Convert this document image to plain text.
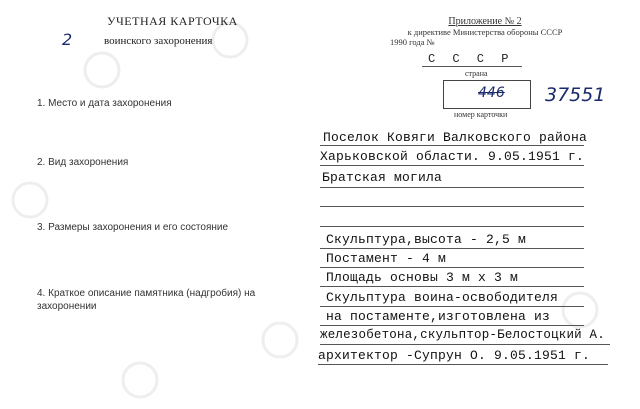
УЧЕТНАЯ КАРТОЧКА
воинского захоронения
2
Приложение № 2
к директиве Министерства обороны СССР
1990 года №
С С С Р
страна
446 37551
номер карточки
1. Место и дата захоронения
2. Вид захоронения
3. Размеры захоронения и его состояние
4. Краткое описание памятника (надгробия) на захоронении
Поселок Ковяги Валковского района
Харьковской области. 9.05.1951 г.
Братская могила
Скульптура,высота - 2,5 м
Постамент - 4 м
Площадь основы 3 м х 3 м
Скульптура воина-освободителя
на постаменте,изготовлена из
железобетона,скульптор-Белостоцкий А.
архитектор -Супрун О. 9.05.1951 г.
